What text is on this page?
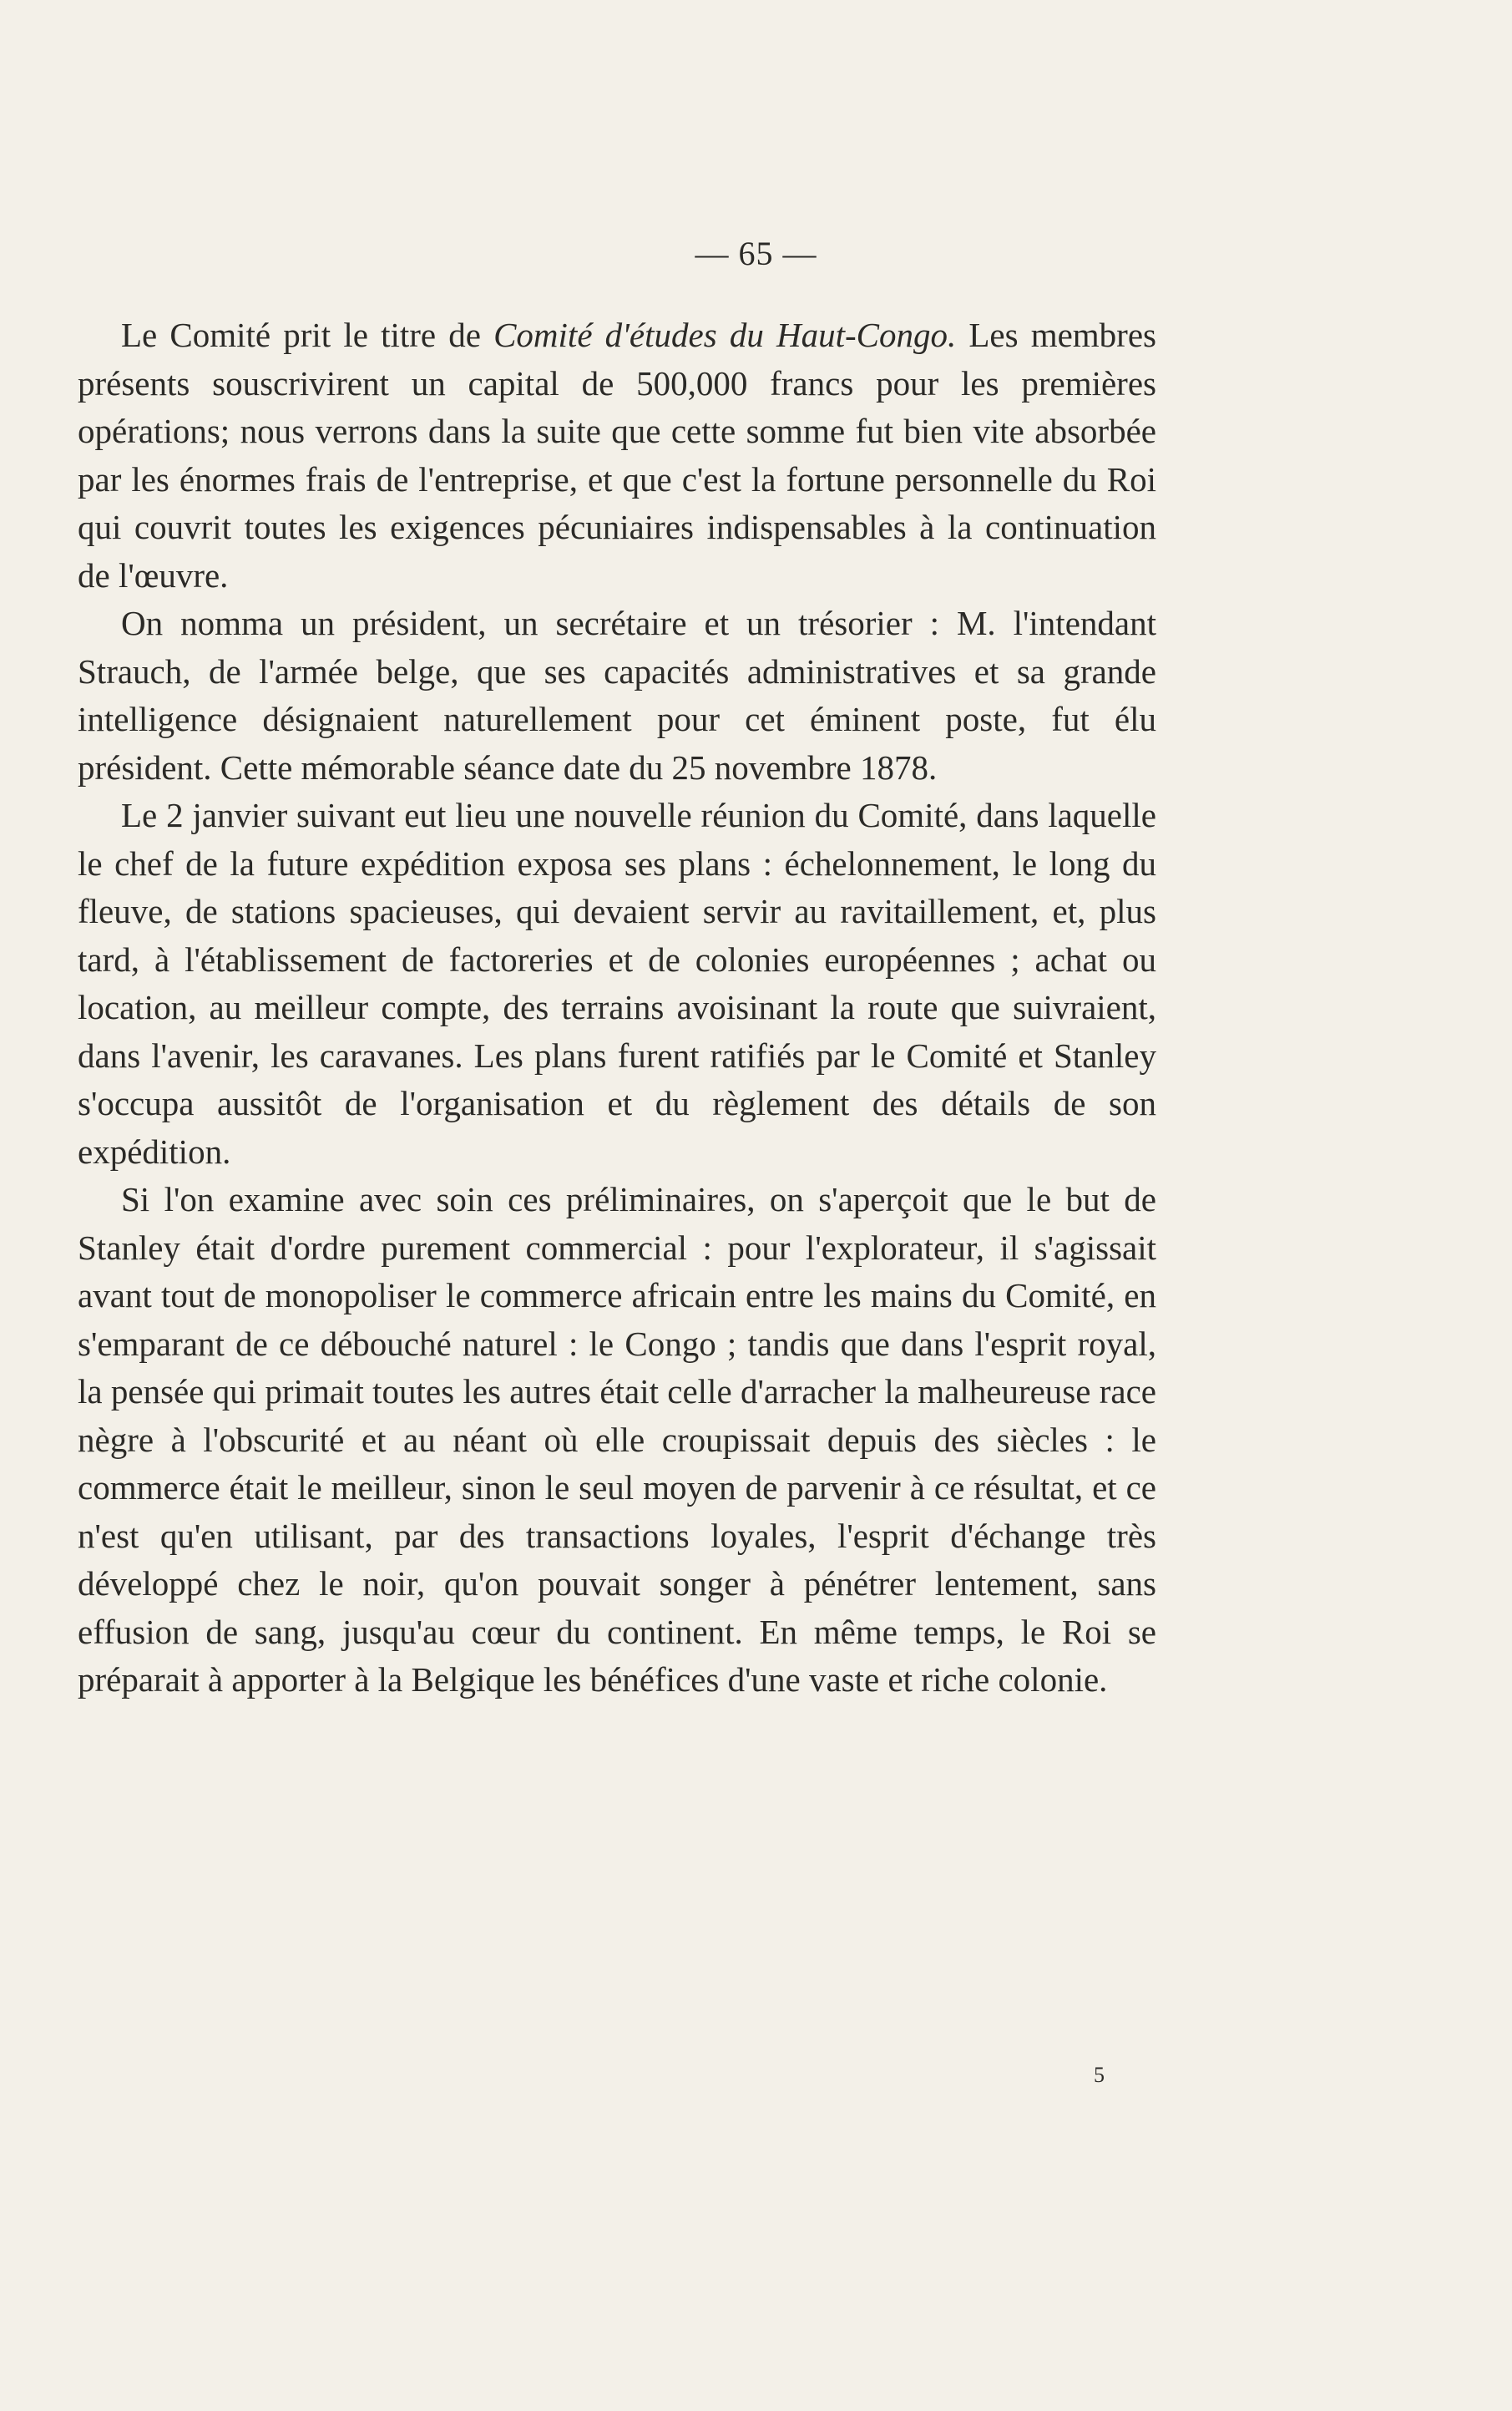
— 65 —

Le Comité prit le titre de Comité d'études du Haut-Congo. Les membres présents souscrivirent un capital de 500,000 francs pour les premières opérations; nous verrons dans la suite que cette somme fut bien vite absorbée par les énormes frais de l'entreprise, et que c'est la fortune personnelle du Roi qui couvrit toutes les exigences pécuniaires indispensables à la continuation de l'œuvre.

On nomma un président, un secrétaire et un trésorier : M. l'intendant Strauch, de l'armée belge, que ses capacités administratives et sa grande intelligence désignaient naturellement pour cet éminent poste, fut élu président. Cette mémorable séance date du 25 novembre 1878.

Le 2 janvier suivant eut lieu une nouvelle réunion du Comité, dans laquelle le chef de la future expédition exposa ses plans : échelonnement, le long du fleuve, de stations spacieuses, qui devaient servir au ravitaillement, et, plus tard, à l'établissement de factoreries et de colonies européennes ; achat ou location, au meilleur compte, des terrains avoisinant la route que suivraient, dans l'avenir, les caravanes. Les plans furent ratifiés par le Comité et Stanley s'occupa aussitôt de l'organisation et du règlement des détails de son expédition.

Si l'on examine avec soin ces préliminaires, on s'aperçoit que le but de Stanley était d'ordre purement commercial : pour l'explorateur, il s'agissait avant tout de monopoliser le commerce africain entre les mains du Comité, en s'emparant de ce débouché naturel : le Congo ; tandis que dans l'esprit royal, la pensée qui primait toutes les autres était celle d'arracher la malheureuse race nègre à l'obscurité et au néant où elle croupissait depuis des siècles : le commerce était le meilleur, sinon le seul moyen de parvenir à ce résultat, et ce n'est qu'en utilisant, par des transactions loyales, l'esprit d'échange très développé chez le noir, qu'on pouvait songer à pénétrer lentement, sans effusion de sang, jusqu'au cœur du continent. En même temps, le Roi se préparait à apporter à la Belgique les bénéfices d'une vaste et riche colonie.

5
